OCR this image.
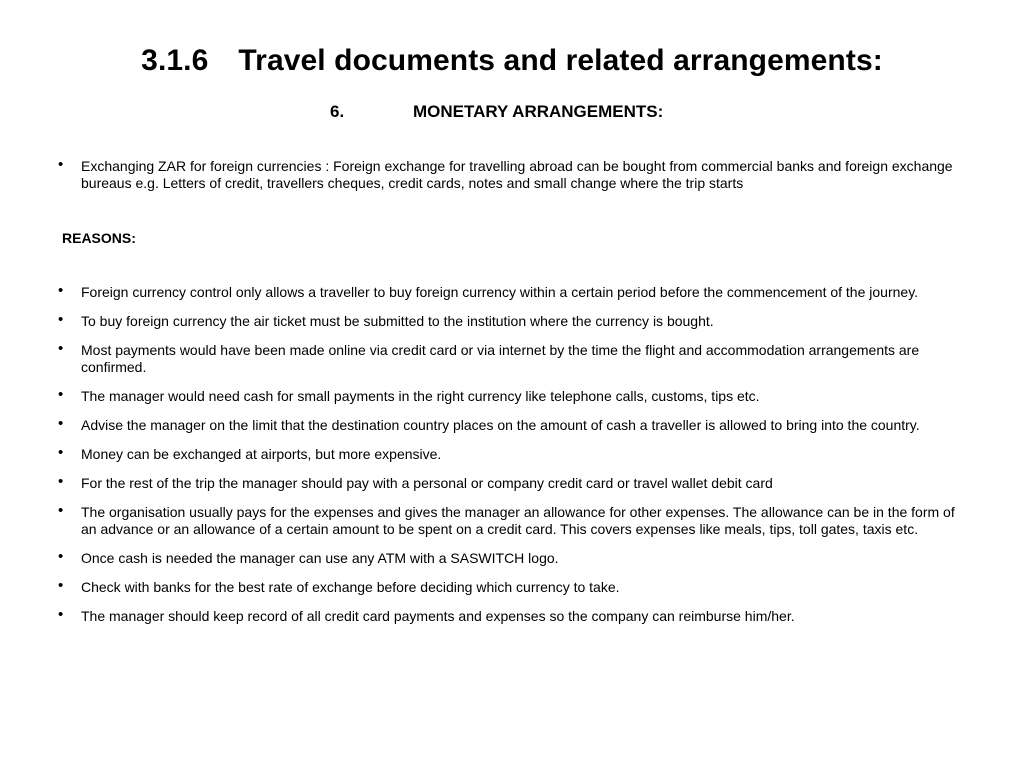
3.1.6 Travel documents and related arrangements:
6.	MONETARY ARRANGEMENTS:
• Exchanging ZAR for foreign currencies : Foreign exchange for travelling abroad can be bought from commercial banks and foreign exchange bureaus e.g. Letters of credit, travellers cheques, credit cards, notes and small change where the trip starts
REASONS:
• Foreign currency control only allows a traveller to buy foreign currency within a certain period before the commencement of the journey.
• To buy foreign currency the air ticket must be submitted to the institution where the currency is bought.
• Most payments would have been made online via credit card or via internet by the time the flight and accommodation arrangements are confirmed.
• The manager would need cash for small payments in the right currency like telephone calls, customs, tips etc.
• Advise the manager on the limit that the destination country places on the amount of cash a traveller is allowed to bring into the country.
• Money can be exchanged at airports, but more expensive.
• For the rest of the trip the manager should pay with a personal or company credit card or travel wallet debit card
• The organisation usually pays for the expenses and gives the manager an allowance for other expenses. The allowance can be in the form of an advance or an allowance of a certain amount to be spent on a credit card. This covers expenses like meals, tips, toll gates, taxis etc.
• Once cash is needed the manager can use any ATM with a SASWITCH logo.
• Check with banks for the best rate of exchange before deciding which currency to take.
• The manager should keep record of all credit card payments and expenses so the company can reimburse him/her.
